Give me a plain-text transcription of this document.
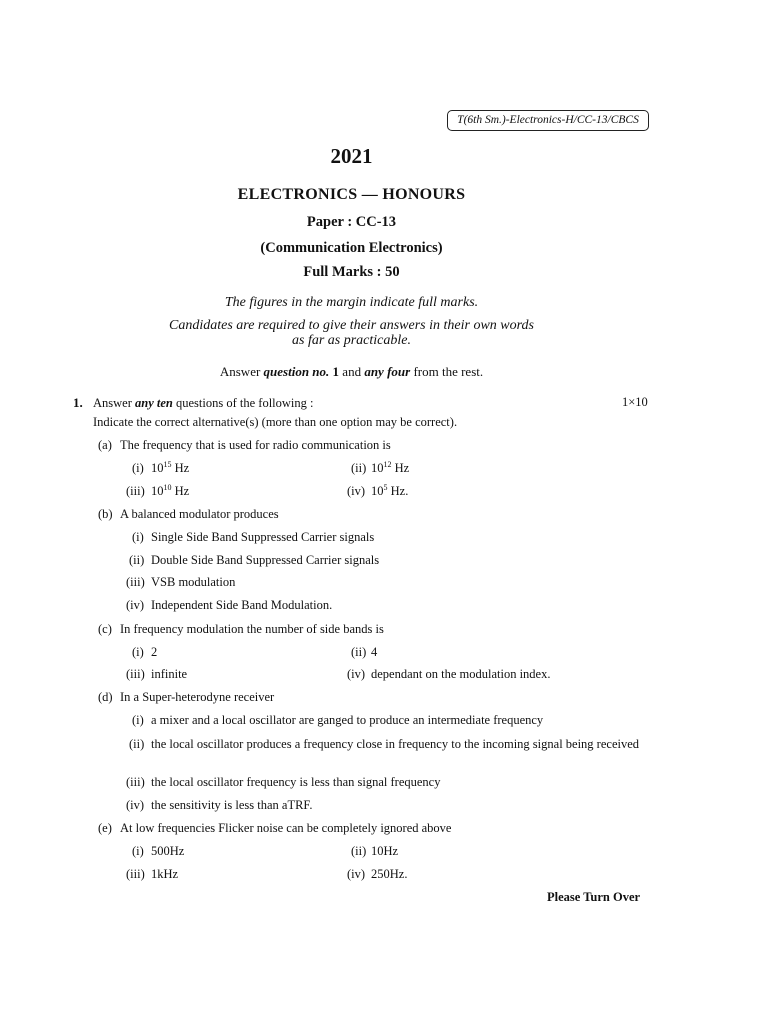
T(6th Sm.)-Electronics-H/CC-13/CBCS
2021
ELECTRONICS — HONOURS
Paper : CC-13
(Communication Electronics)
Full Marks : 50
The figures in the margin indicate full marks.
Candidates are required to give their answers in their own words
as far as practicable.
Answer question no. 1 and any four from the rest.
1. Answer any ten questions of the following :	1×10
Indicate the correct alternative(s) (more than one option may be correct).
(a) The frequency that is used for radio communication is
(i) $10^{15}$ Hz	(ii) $10^{12}$ Hz
(iii) $10^{10}$ Hz	(iv) $10^5$ Hz.
(b) A balanced modulator produces
(i) Single Side Band Suppressed Carrier signals
(ii) Double Side Band Suppressed Carrier signals
(iii) VSB modulation
(iv) Independent Side Band Modulation.
(c) In frequency modulation the number of side bands is
(i) 2	(ii) 4
(iii) infinite	(iv) dependant on the modulation index.
(d) In a Super-heterodyne receiver
(i) a mixer and a local oscillator are ganged to produce an intermediate frequency
(ii) the local oscillator produces a frequency close in frequency to the incoming signal being received
(iii) the local oscillator frequency is less than signal frequency
(iv) the sensitivity is less than aTRF.
(e) At low frequencies Flicker noise can be completely ignored above
(i) 500Hz	(ii) 10Hz
(iii) 1kHz	(iv) 250Hz.
Please Turn Over
